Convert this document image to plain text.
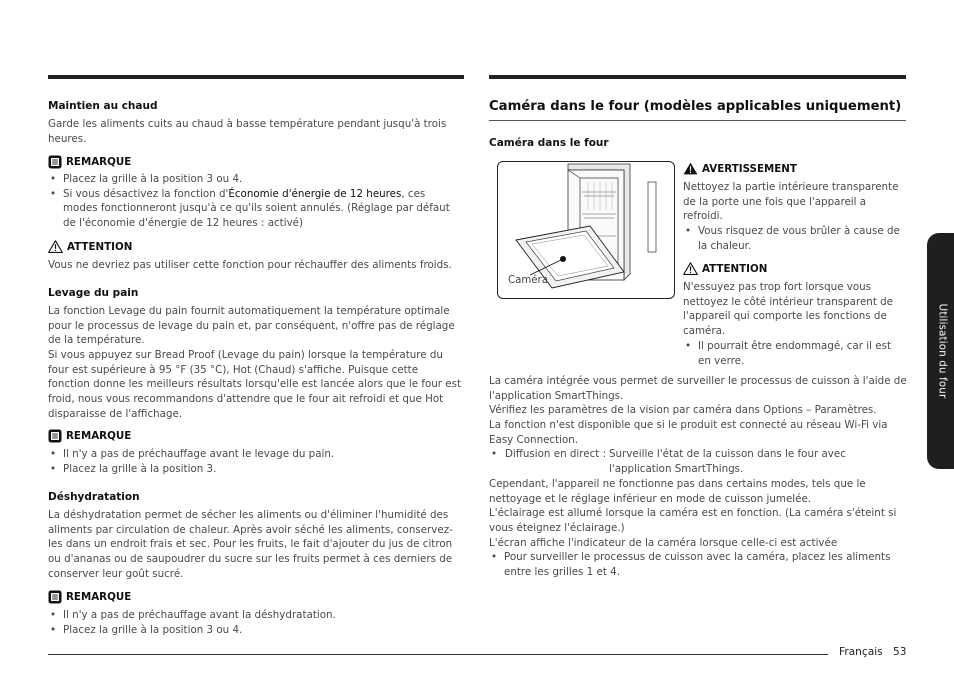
Maintien au chaud

Garde les aliments cuits au chaud à basse température pendant jusqu'à trois heures.

REMARQUE
• Placez la grille à la position 3 ou 4.
• Si vous désactivez la fonction d'Économie d'énergie de 12 heures, ces modes fonctionneront jusqu'à ce qu'ils soient annulés. (Réglage par défaut de l'économie d'énergie de 12 heures : activé)
ATTENTION

Vous ne devriez pas utiliser cette fonction pour réchauffer des aliments froids.

Levage du pain

La fonction Levage du pain fournit automatiquement la température optimale pour le processus de levage du pain et, par conséquent, n'offre pas de réglage de la température.

Si vous appuyez sur Bread Proof (Levage du pain) lorsque la température du four est supérieure à 95 °F (35 °C), Hot (Chaud) s'affiche. Puisque cette fonction donne les meilleurs résultats lorsqu'elle est lancée alors que le four est froid, nous vous recommandons d'attendre que le four ait refroidi et que Hot disparaisse de l'affichage.

REMARQUE
• Il n'y a pas de préchauffage avant le levage du pain.
• Placez la grille à la position 3.
Déshydratation

La déshydratation permet de sécher les aliments ou d'éliminer l'humidité des aliments par circulation de chaleur. Après avoir séché les aliments, conservez-les dans un endroit frais et sec. Pour les fruits, le fait d'ajouter du jus de citron ou d'ananas ou de saupoudrer du sucre sur les fruits permet à ces derniers de conserver leur goût sucré.

REMARQUE
• Il n'y a pas de préchauffage avant la déshydratation.
• Placez la grille à la position 3 ou 4.
Caméra dans le four (modèles applicables uniquement)
Caméra dans le four
Caméra
AVERTISSEMENT

Nettoyez la partie intérieure transparente de la porte une fois que l'appareil a refroidi.

• Vous risquez de vous brûler à cause de la chaleur.
ATTENTION

N'essuyez pas trop fort lorsque vous nettoyez le côté intérieur transparent de l'appareil qui comporte les fonctions de caméra.

• Il pourrait être endommagé, car il est en verre.

La caméra intégrée vous permet de surveiller le processus de cuisson à l'aide de l'application SmartThings.

Vérifiez les paramètres de la vision par caméra dans Options – Paramètres.

La fonction n'est disponible que si le produit est connecté au réseau Wi-Fi via Easy Connection.

• Diffusion en direct : Surveille l'état de la cuisson dans le four avec
l'application SmartThings.

Cependant, l'appareil ne fonctionne pas dans certains modes, tels que le nettoyage et le réglage inférieur en mode de cuisson jumelée.

L'éclairage est allumé lorsque la caméra est en fonction. (La caméra s'éteint si vous éteignez l'éclairage.)

L'écran affiche l'indicateur de la caméra lorsque celle-ci est activée

• Pour surveiller le processus de cuisson avec la caméra, placez les aliments entre les grilles 1 et 4.
Utilisation du four
Français 53
